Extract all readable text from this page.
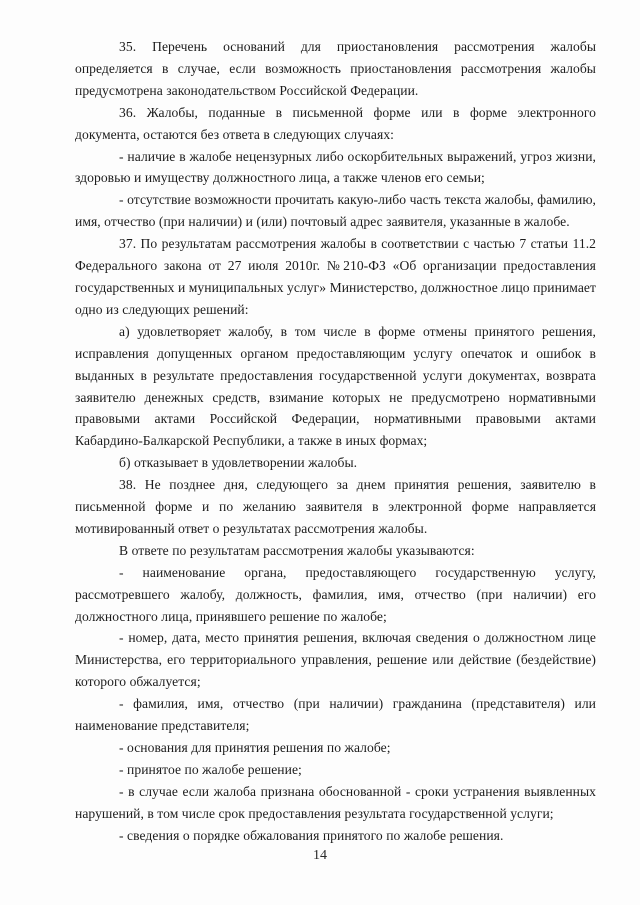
35. Перечень оснований для приостановления рассмотрения жалобы определяется в случае, если возможность приостановления рассмотрения жалобы предусмотрена законодательством Российской Федерации.

36. Жалобы, поданные в письменной форме или в форме электронного документа, остаются без ответа в следующих случаях:

- наличие в жалобе нецензурных либо оскорбительных выражений, угроз жизни, здоровью и имуществу должностного лица, а также членов его семьи;

- отсутствие возможности прочитать какую-либо часть текста жалобы, фамилию, имя, отчество (при наличии) и (или) почтовый адрес заявителя, указанные в жалобе.

37. По результатам рассмотрения жалобы в соответствии с частью 7 статьи 11.2 Федерального закона от 27 июля 2010г. №210-ФЗ «Об организации предоставления государственных и муниципальных услуг» Министерство, должностное лицо принимает одно из следующих решений:

а) удовлетворяет жалобу, в том числе в форме отмены принятого решения, исправления допущенных органом предоставляющим услугу опечаток и ошибок в выданных в результате предоставления государственной услуги документах, возврата заявителю денежных средств, взимание которых не предусмотрено нормативными правовыми актами Российской Федерации, нормативными правовыми актами Кабардино-Балкарской Республики, а также в иных формах;

б) отказывает в удовлетворении жалобы.

38. Не позднее дня, следующего за днем принятия решения, заявителю в письменной форме и по желанию заявителя в электронной форме направляется мотивированный ответ о результатах рассмотрения жалобы.

В ответе по результатам рассмотрения жалобы указываются:

- наименование органа, предоставляющего государственную услугу, рассмотревшего жалобу, должность, фамилия, имя, отчество (при наличии) его должностного лица, принявшего решение по жалобе;

- номер, дата, место принятия решения, включая сведения о должностном лице Министерства, его территориального управления, решение или действие (бездействие) которого обжалуется;

- фамилия, имя, отчество (при наличии) гражданина (представителя) или наименование представителя;

- основания для принятия решения по жалобе;

- принятое по жалобе решение;

- в случае если жалоба признана обоснованной - сроки устранения выявленных нарушений, в том числе срок предоставления результата государственной услуги;

- сведения о порядке обжалования принятого по жалобе решения.

14
